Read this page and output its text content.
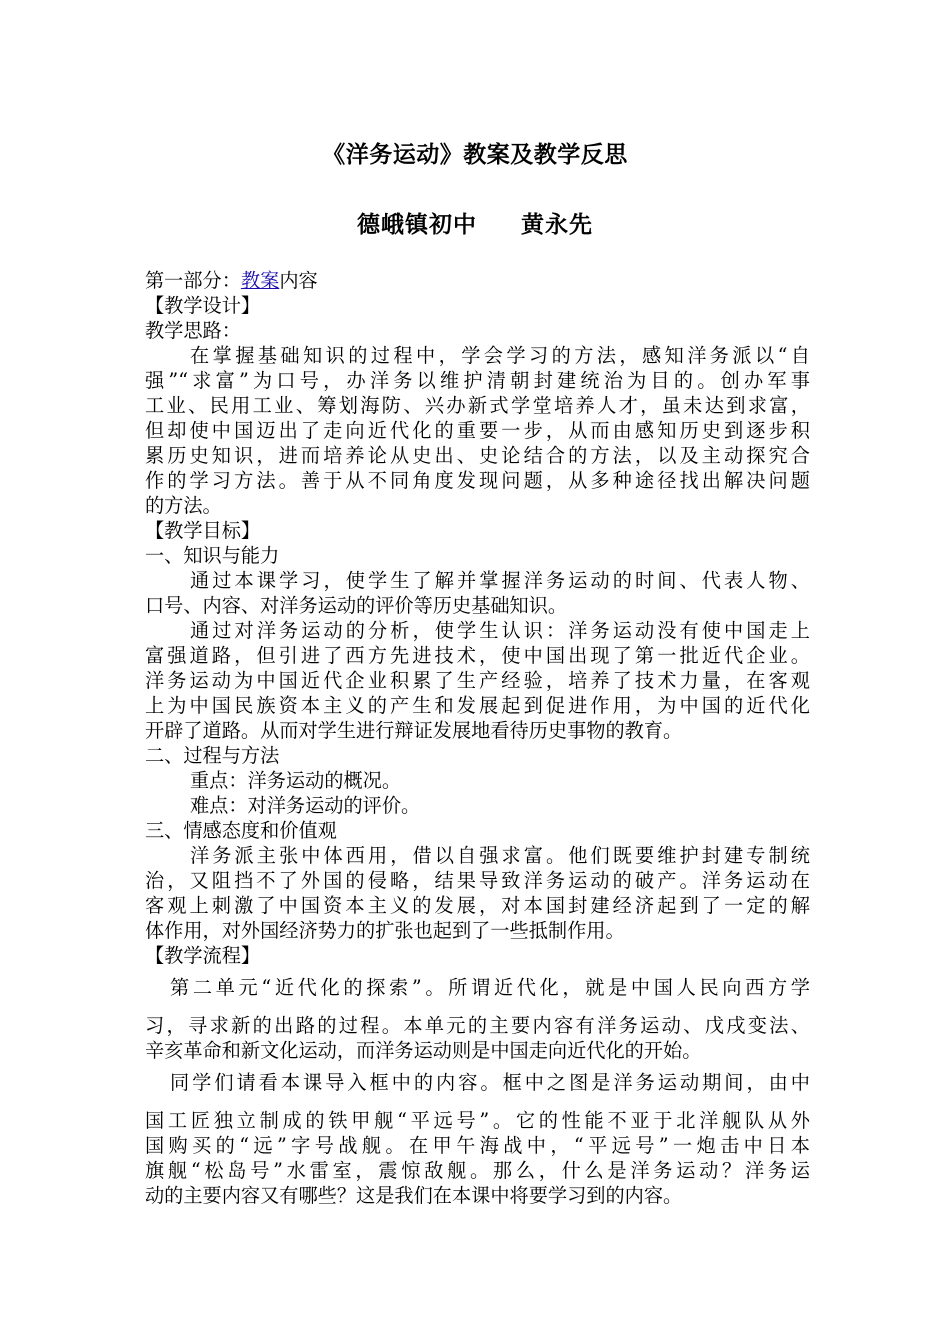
《洋务运动》教案及教学反思
德峨镇初中 黄永先
第一部分：教案内容
【教学设计】
教学思路：
在掌握基础知识的过程中，学会学习的方法，感知洋务派以“自
强”“求富”为口号，办洋务以维护清朝封建统治为目的。创办军事
工业、民用工业、筹划海防、兴办新式学堂培养人才，虽未达到求富，
但却使中国迈出了走向近代化的重要一步，从而由感知历史到逐步积
累历史知识，进而培养论从史出、史论结合的方法，以及主动探究合
作的学习方法。善于从不同角度发现问题，从多种途径找出解决问题
的方法。
【教学目标】
一、知识与能力
通过本课学习，使学生了解并掌握洋务运动的时间、代表人物、
口号、内容、对洋务运动的评价等历史基础知识。
通过对洋务运动的分析，使学生认识：洋务运动没有使中国走上
富强道路，但引进了西方先进技术，使中国出现了第一批近代企业。
洋务运动为中国近代企业积累了生产经验，培养了技术力量，在客观
上为中国民族资本主义的产生和发展起到促进作用，为中国的近代化
开辟了道路。从而对学生进行辩证发展地看待历史事物的教育。
二、过程与方法
重点：洋务运动的概况。
难点：对洋务运动的评价。
三、情感态度和价值观
洋务派主张中体西用，借以自强求富。他们既要维护封建专制统
治，又阻挡不了外国的侵略，结果导致洋务运动的破产。洋务运动在
客观上刺激了中国资本主义的发展，对本国封建经济起到了一定的解
体作用，对外国经济势力的扩张也起到了一些抵制作用。
【教学流程】
第二单元“近代化的探索”。所谓近代化，就是中国人民向西方学
习，寻求新的出路的过程。本单元的主要内容有洋务运动、戊戌变法、
辛亥革命和新文化运动，而洋务运动则是中国走向近代化的开始。
同学们请看本课导入框中的内容。框中之图是洋务运动期间，由中
国工匠独立制成的铁甲舰“平远号”。它的性能不亚于北洋舰队从外
国购买的“远”字号战舰。在甲午海战中，“平远号”一炮击中日本
旗舰“松岛号”水雷室，震惊敌舰。那么，什么是洋务运动？洋务运
动的主要内容又有哪些？这是我们在本课中将要学习到的内容。
